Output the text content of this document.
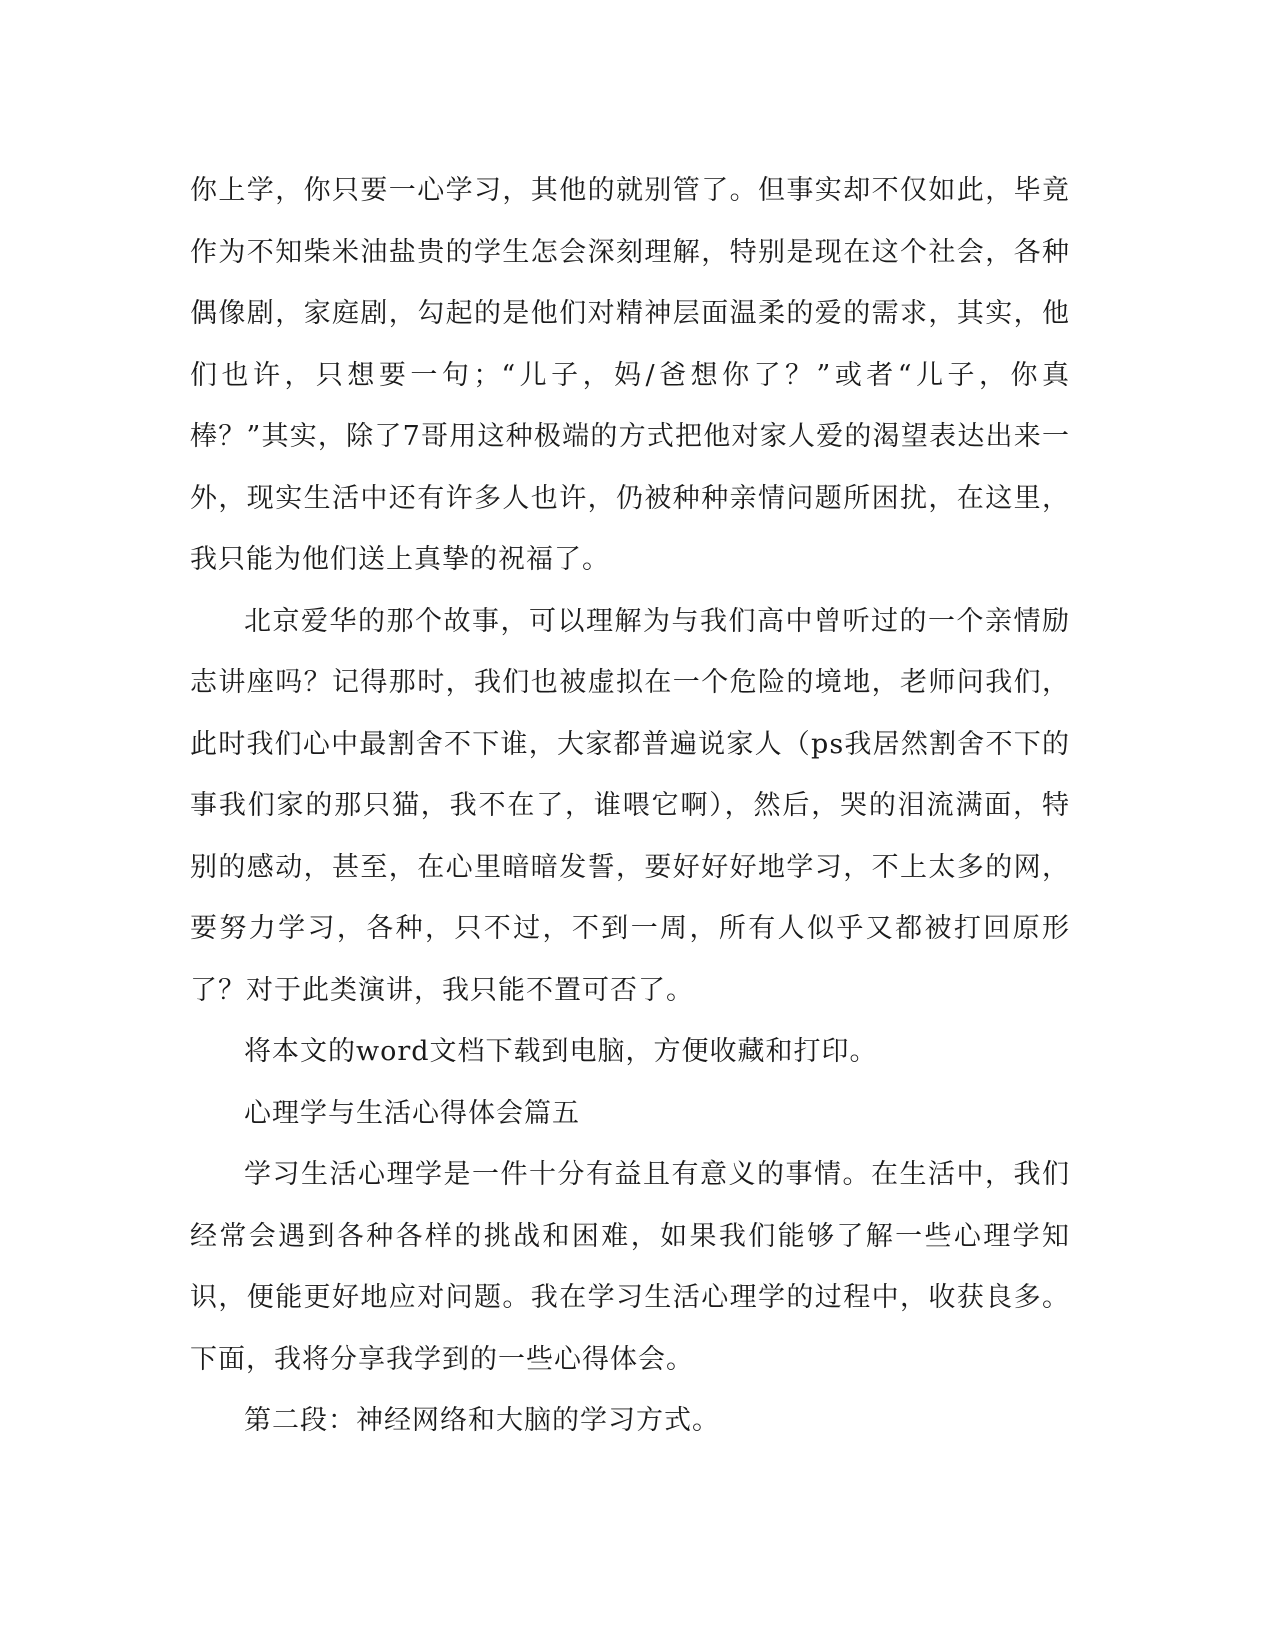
你上学，你只要一心学习，其他的就别管了。但事实却不仅如此，毕竟作为不知柴米油盐贵的学生怎会深刻理解，特别是现在这个社会，各种偶像剧，家庭剧，勾起的是他们对精神层面温柔的爱的需求，其实，他们也许，只想要一句；“儿子，妈/爸想你了？”或者“儿子，你真棒？”其实，除了7哥用这种极端的方式把他对家人爱的渴望表达出来一外，现实生活中还有许多人也许，仍被种种亲情问题所困扰，在这里，我只能为他们送上真挚的祝福了。

北京爱华的那个故事，可以理解为与我们高中曾听过的一个亲情励志讲座吗？记得那时，我们也被虚拟在一个危险的境地，老师问我们，此时我们心中最割舍不下谁，大家都普遍说家人（ps我居然割舍不下的事我们家的那只猫，我不在了，谁喂它啊），然后，哭的泪流满面，特别的感动，甚至，在心里暗暗发誓，要好好好地学习，不上太多的网，要努力学习，各种，只不过，不到一周，所有人似乎又都被打回原形了？对于此类演讲，我只能不置可否了。

将本文的word文档下载到电脑，方便收藏和打印。

心理学与生活心得体会篇五

学习生活心理学是一件十分有益且有意义的事情。在生活中，我们经常会遇到各种各样的挑战和困难，如果我们能够了解一些心理学知识，便能更好地应对问题。我在学习生活心理学的过程中，收获良多。下面，我将分享我学到的一些心得体会。

第二段：神经网络和大脑的学习方式。
